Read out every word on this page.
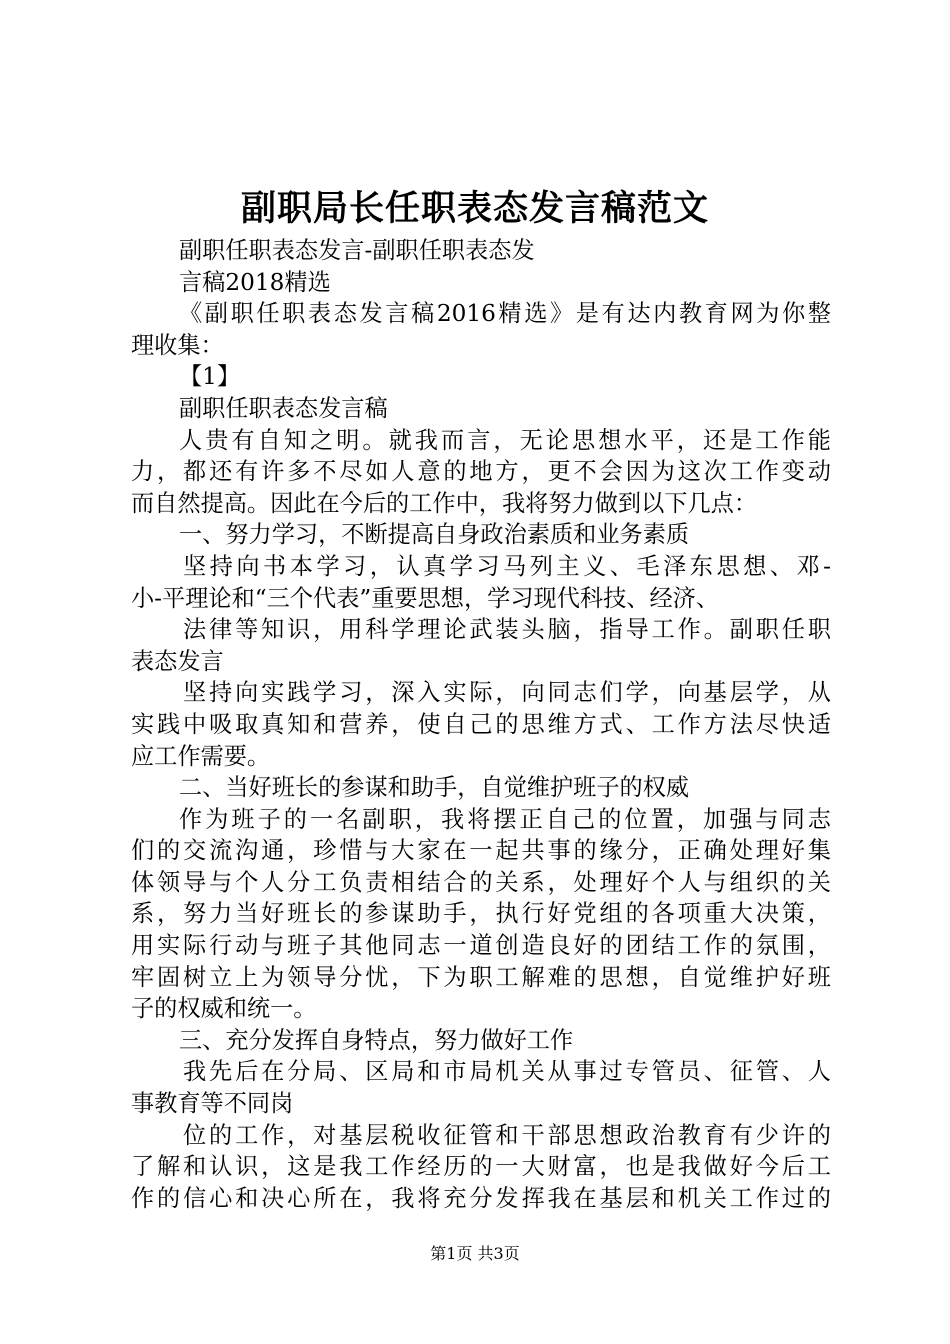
副职局长任职表态发言稿范文
副职任职表态发言-副职任职表态发
言稿2018精选
《副职任职表态发言稿2016精选》是有达内教育网为你整
理收集：
【1】
副职任职表态发言稿
人贵有自知之明。就我而言，无论思想水平，还是工作能
力，都还有许多不尽如人意的地方，更不会因为这次工作变动
而自然提高。因此在今后的工作中，我将努力做到以下几点：
一、努力学习，不断提高自身政治素质和业务素质
坚持向书本学习，认真学习马列主义、毛泽东思想、邓-
小-平理论和“三个代表”重要思想，学习现代科技、经济、
法律等知识，用科学理论武装头脑，指导工作。副职任职
表态发言
坚持向实践学习，深入实际，向同志们学，向基层学，从
实践中吸取真知和营养，使自己的思维方式、工作方法尽快适
应工作需要。
二、当好班长的参谋和助手，自觉维护班子的权威
作为班子的一名副职，我将摆正自己的位置，加强与同志
们的交流沟通，珍惜与大家在一起共事的缘分，正确处理好集
体领导与个人分工负责相结合的关系，处理好个人与组织的关
系，努力当好班长的参谋助手，执行好党组的各项重大决策，
用实际行动与班子其他同志一道创造良好的团结工作的氛围，
牢固树立上为领导分忧，下为职工解难的思想，自觉维护好班
子的权威和统一。
三、充分发挥自身特点，努力做好工作
我先后在分局、区局和市局机关从事过专管员、征管、人
事教育等不同岗
位的工作，对基层税收征管和干部思想政治教育有少许的
了解和认识，这是我工作经历的一大财富，也是我做好今后工
作的信心和决心所在，我将充分发挥我在基层和机关工作过的
第1页 共3页
